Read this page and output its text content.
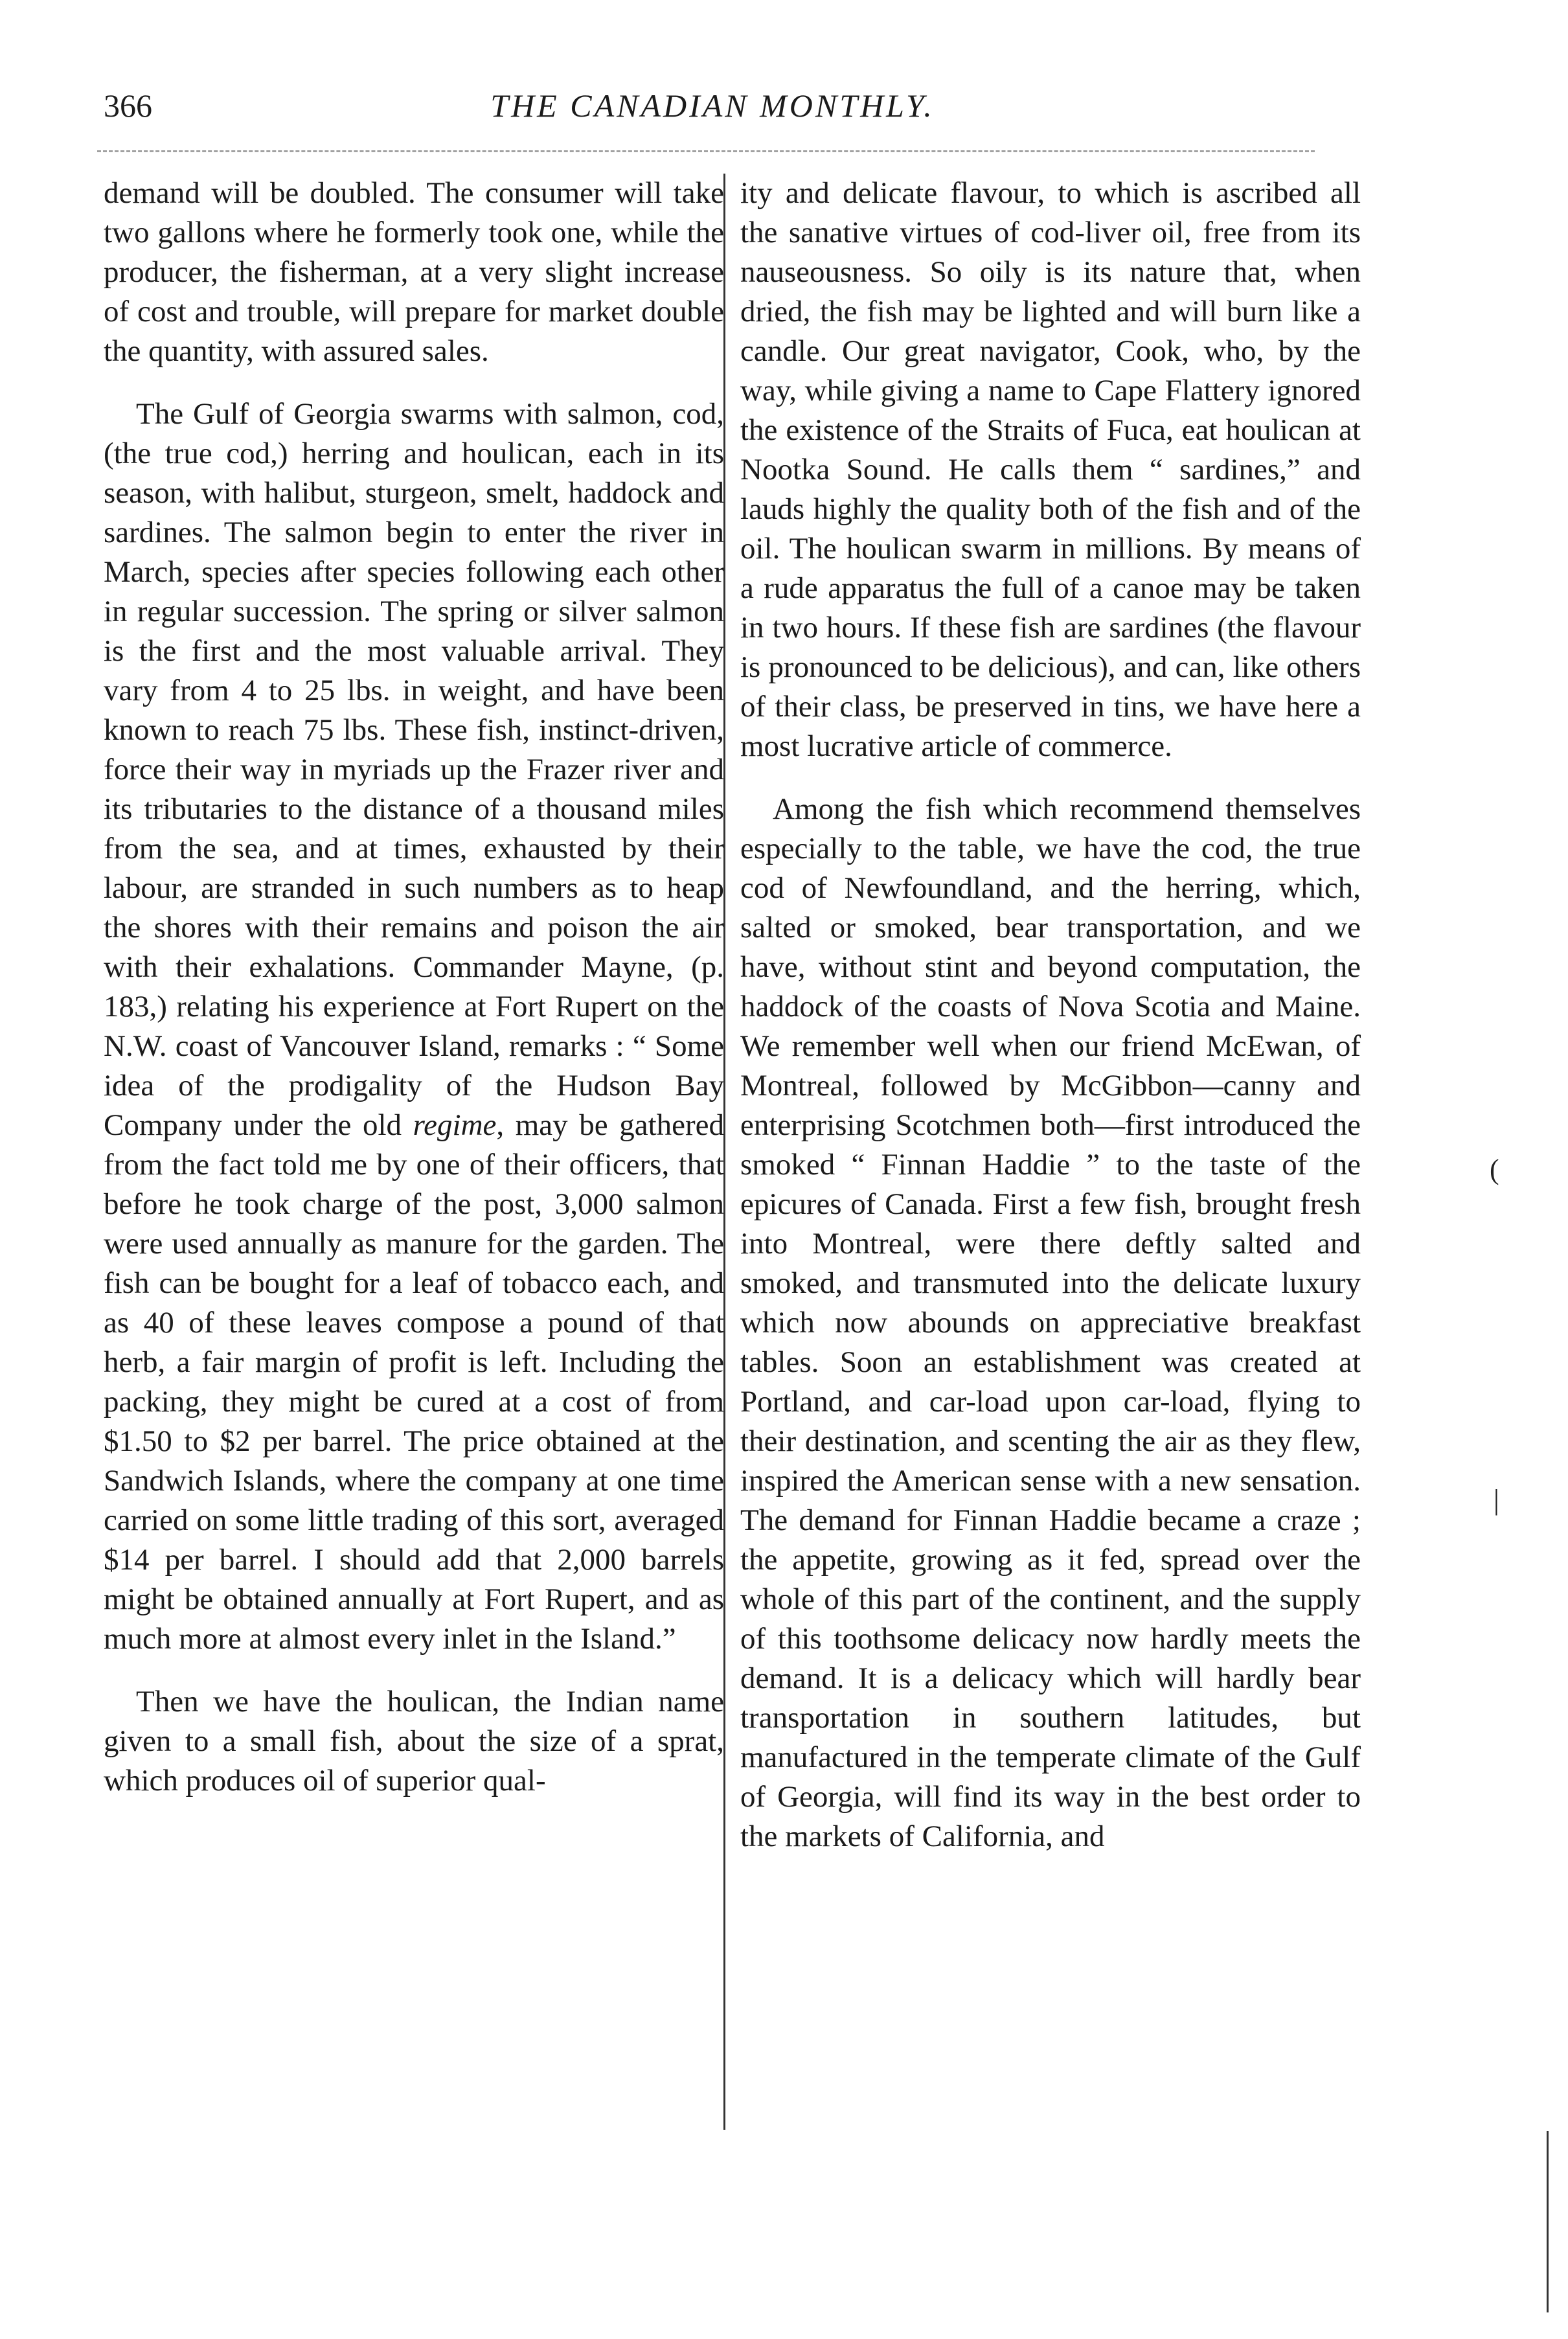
366	THE CANADIAN MONTHLY.

demand will be doubled. The consumer will take two gallons where he formerly took one, while the producer, the fisherman, at a very slight increase of cost and trouble, will prepare for market double the quantity, with assured sales.

The Gulf of Georgia swarms with salmon, cod, (the true cod,) herring and houlican, each in its season, with halibut, sturgeon, smelt, haddock and sardines. The salmon begin to enter the river in March, species after species following each other in regular succession. The spring or silver salmon is the first and the most valuable arrival. They vary from 4 to 25 lbs. in weight, and have been known to reach 75 lbs. These fish, instinct-driven, force their way in myriads up the Frazer river and its tributaries to the distance of a thousand miles from the sea, and at times, exhausted by their labour, are stranded in such numbers as to heap the shores with their remains and poison the air with their exhalations. Commander Mayne, (p. 183,) relating his experience at Fort Rupert on the N.W. coast of Vancouver Island, remarks : “ Some idea of the prodigality of the Hudson Bay Company under the old regime, may be gathered from the fact told me by one of their officers, that before he took charge of the post, 3,000 salmon were used annually as manure for the garden. The fish can be bought for a leaf of tobacco each, and as 40 of these leaves compose a pound of that herb, a fair margin of profit is left. Including the packing, they might be cured at a cost of from $1.50 to $2 per barrel. The price obtained at the Sandwich Islands, where the company at one time carried on some little trading of this sort, averaged $14 per barrel. I should add that 2,000 barrels might be obtained annually at Fort Rupert, and as much more at almost every inlet in the Island.”

Then we have the houlican, the Indian name given to a small fish, about the size of a sprat, which produces oil of superior qual-

ity and delicate flavour, to which is ascribed all the sanative virtues of cod-liver oil, free from its nauseousness. So oily is its nature that, when dried, the fish may be lighted and will burn like a candle. Our great navigator, Cook, who, by the way, while giving a name to Cape Flattery ignored the existence of the Straits of Fuca, eat houlican at Nootka Sound. He calls them “ sardines,” and lauds highly the quality both of the fish and of the oil. The houlican swarm in millions. By means of a rude apparatus the full of a canoe may be taken in two hours. If these fish are sardines (the flavour is pronounced to be delicious), and can, like others of their class, be preserved in tins, we have here a most lucrative article of commerce.

Among the fish which recommend themselves especially to the table, we have the cod, the true cod of Newfoundland, and the herring, which, salted or smoked, bear transportation, and we have, without stint and beyond computation, the haddock of the coasts of Nova Scotia and Maine. We remember well when our friend McEwan, of Montreal, followed by McGibbon—canny and enterprising Scotchmen both—first introduced the smoked “ Finnan Haddie ” to the taste of the epicures of Canada. First a few fish, brought fresh into Montreal, were there deftly salted and smoked, and transmuted into the delicate luxury which now abounds on appreciative breakfast tables. Soon an establishment was created at Portland, and car-load upon car-load, flying to their destination, and scenting the air as they flew, inspired the American sense with a new sensation. The demand for Finnan Haddie became a craze ; the appetite, growing as it fed, spread over the whole of this part of the continent, and the supply of this toothsome delicacy now hardly meets the demand. It is a delicacy which will hardly bear transportation in southern latitudes, but manufactured in the temperate climate of the Gulf of Georgia, will find its way in the best order to the markets of California, and

(
|
